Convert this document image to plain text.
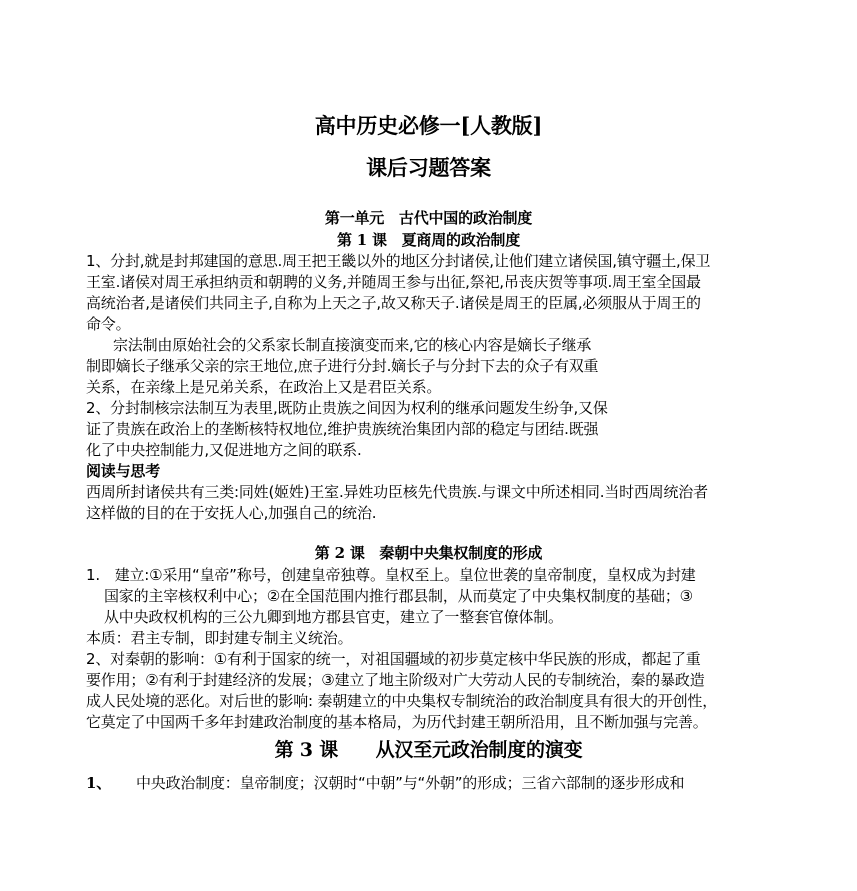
高中历史必修一[人教版]
课后习题答案
第一单元　古代中国的政治制度
第 1 课　夏商周的政治制度
1、分封,就是封邦建国的意思.周王把王畿以外的地区分封诸侯,让他们建立诸侯国,镇守疆土,保卫
王室.诸侯对周王承担纳贡和朝聘的义务,并随周王参与出征,祭祀,吊丧庆贺等事项.周王室全国最
高统治者,是诸侯们共同主子,自称为上天之子,故又称天子.诸侯是周王的臣属,必须服从于周王的
命令。
宗法制由原始社会的父系家长制直接演变而来,它的核心内容是嫡长子继承
制即嫡长子继承父亲的宗王地位,庶子进行分封.嫡长子与分封下去的众子有双重
关系，在亲缘上是兄弟关系，在政治上又是君臣关系。
2、分封制核宗法制互为表里,既防止贵族之间因为权利的继承问题发生纷争,又保
证了贵族在政治上的垄断核特权地位,维护贵族统治集团内部的稳定与团结.既强
化了中央控制能力,又促进地方之间的联系.
阅读与思考
西周所封诸侯共有三类:同姓(姬姓)王室.异姓功臣核先代贵族.与课文中所述相同.当时西周统治者
这样做的目的在于安抚人心,加强自己的统治.
第 2 课　秦朝中央集权制度的形成
1.　建立:①采用“皇帝”称号，创建皇帝独尊。皇权至上。皇位世袭的皇帝制度，皇权成为封建
国家的主宰核权利中心；②在全国范围内推行郡县制，从而莫定了中央集权制度的基础；③
从中央政权机构的三公九卿到地方郡县官吏，建立了一整套官僚体制。
本质：君主专制，即封建专制主义统治。
2、对秦朝的影响：①有利于国家的统一，对祖国疆域的初步莫定核中华民族的形成，都起了重
要作用；②有利于封建经济的发展；③建立了地主阶级对广大劳动人民的专制统治，秦的暴政造
成人民处境的恶化。对后世的影响: 秦朝建立的中央集权专制统治的政治制度具有很大的开创性，
它莫定了中国两千多年封建政治制度的基本格局，为历代封建王朝所沿用，且不断加强与完善。
第 3 课　　从汉至元政治制度的演变
1、 中央政治制度：皇帝制度；汉朝时“中朝”与“外朝”的形成；三省六部制的逐步形成和
